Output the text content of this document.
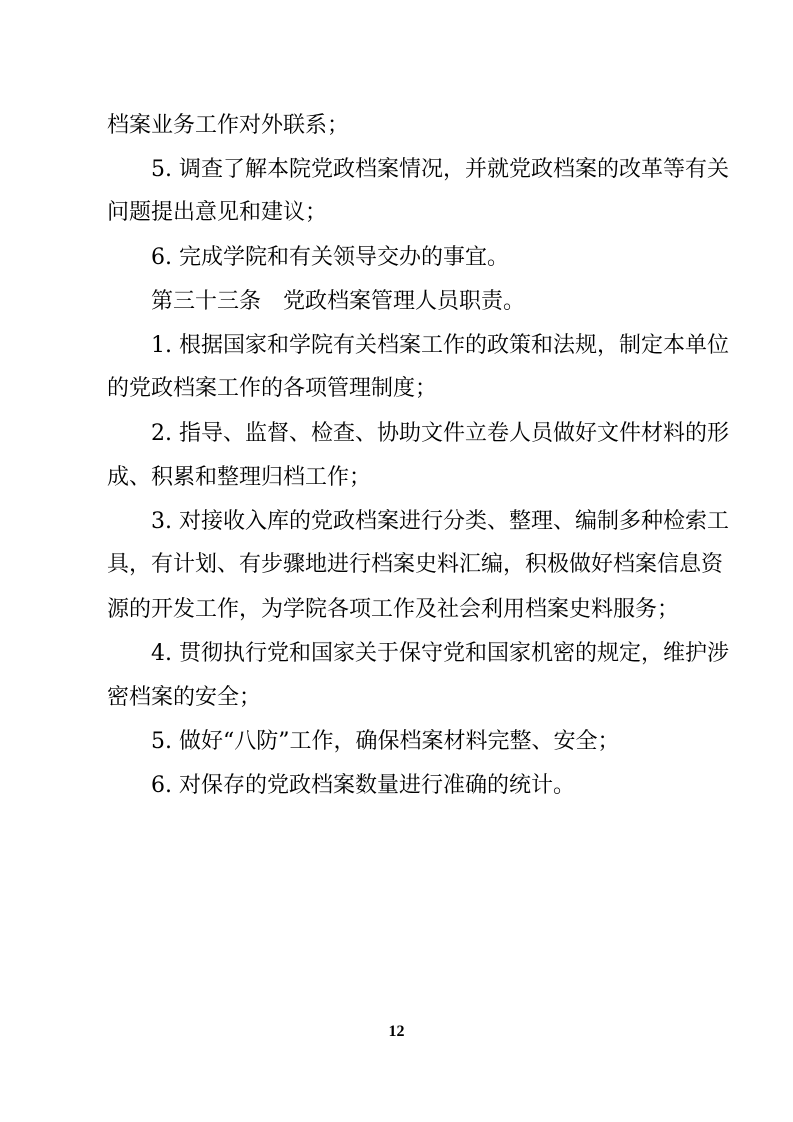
档案业务工作对外联系；
5. 调查了解本院党政档案情况，并就党政档案的改革等有关
问题提出意见和建议；
6. 完成学院和有关领导交办的事宜。
第三十三条　党政档案管理人员职责。
1. 根据国家和学院有关档案工作的政策和法规，制定本单位
的党政档案工作的各项管理制度；
2. 指导、监督、检查、协助文件立卷人员做好文件材料的形
成、积累和整理归档工作；
3. 对接收入库的党政档案进行分类、整理、编制多种检索工
具，有计划、有步骤地进行档案史料汇编，积极做好档案信息资
源的开发工作，为学院各项工作及社会利用档案史料服务；
4. 贯彻执行党和国家关于保守党和国家机密的规定，维护涉
密档案的安全；
5. 做好“八防”工作，确保档案材料完整、安全；
6. 对保存的党政档案数量进行准确的统计。
12
